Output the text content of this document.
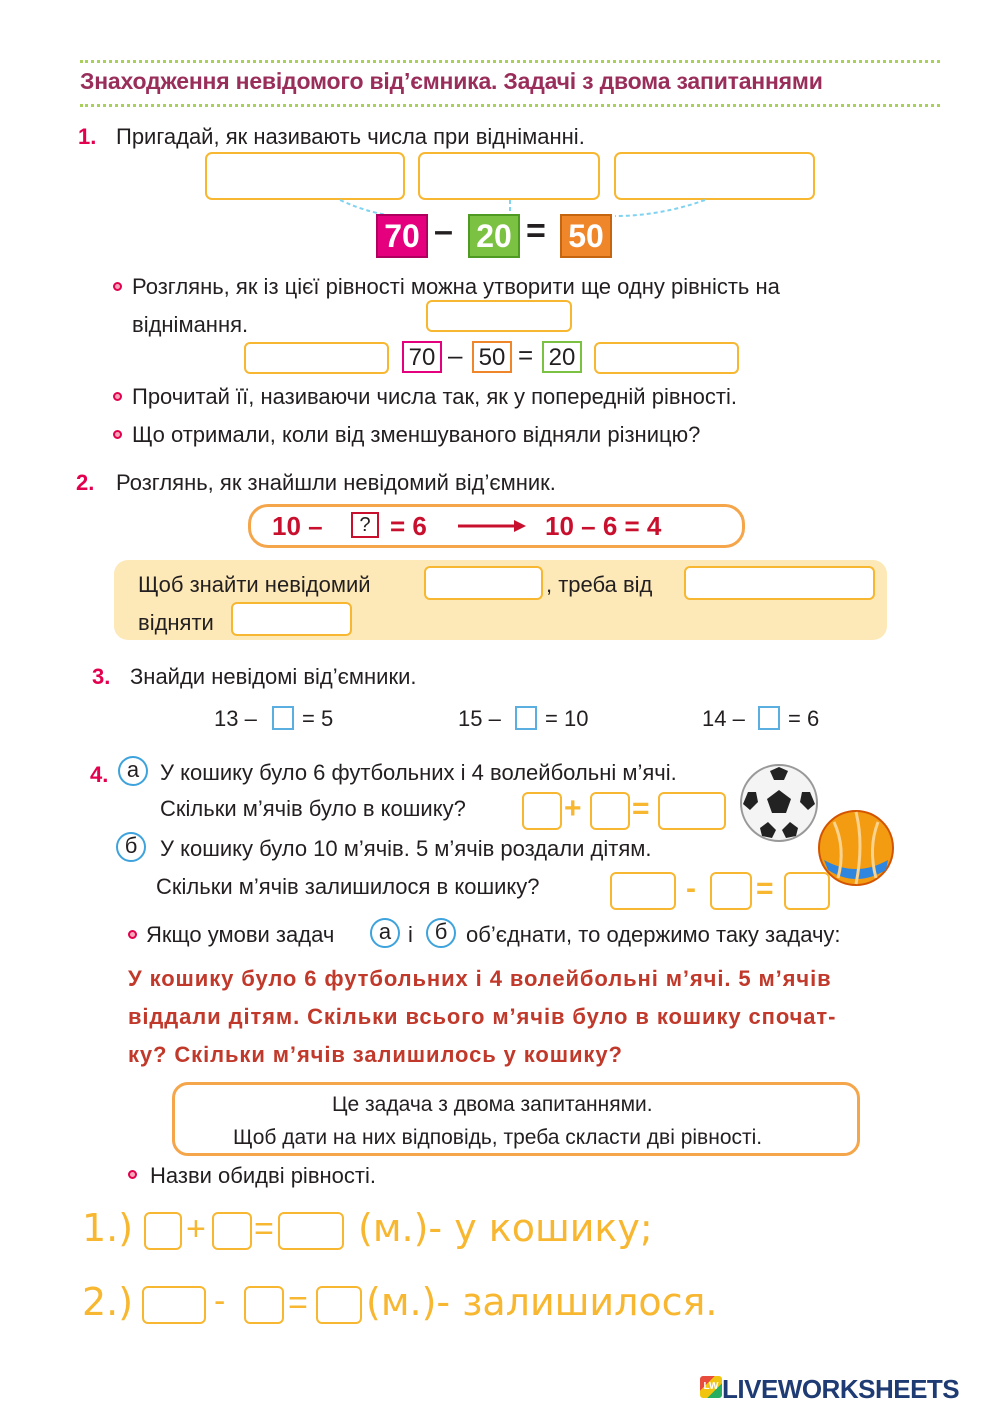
Знаходження невідомого від’ємника. Задачі з двома запитаннями
1. Пригадай, як називають числа при відніманні.
70 – 20 = 50
Розглянь, як із цієї рівності можна утворити ще одну рівність на
віднімання.
70 – 50 = 20
Прочитай її, називаючи числа так, як у попередній рівності.
Що отримали, коли від зменшуваного відняли різницю?
2. Розглянь, як знайшли невідомий від’ємник.
10 –	? = 6	10 – 6 = 4
Щоб знайти невідомий	, треба від
відняти
3. Знайди невідомі від’ємники.
13 – = 5	15 – = 10	14 – = 6
4. а У кошику було 6 футбольних і 4 волейбольні м’ячі.
Скільки м’ячів було в кошику?	+ =
б	У кошику було 10 м’ячів. 5 м’ячів роздали дітям.
Скільки м’ячів залишилося в кошику?	- =
Якщо умови задач	а і б об’єднати, то одержимо таку задачу:
У кошику було 6 футбольних і 4 волейбольні м’ячі. 5 м’ячів
віддали дітям. Скільки всього м’ячів було в кошику спочат-
ку? Скільки м’ячів залишилось у кошику?
Це задача з двома запитаннями.
Щоб дати на них відповідь, треба скласти дві рівності.
Назви обидві рівності.
1.) + = (м.)- у кошику;
2.) - = (м.)- залишилося.
LW LIVEWORKSHEETS
